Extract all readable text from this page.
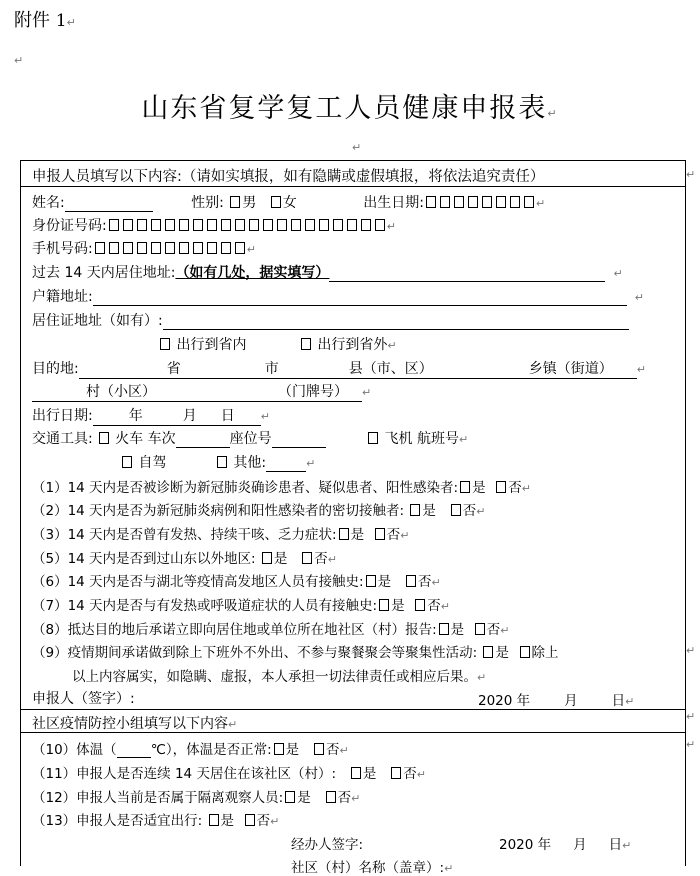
附件 1↵
↵
山东省复学复工人员健康申报表↵
↵
申报人员填写以下内容:（请如实填报，如有隐瞒或虚假填报，将依法追究责任）	↵
姓名:	性别: 男 女	出生日期:	↵
身份证号码:	↵
手机号码:	↵
过去 14 天内居住地址:（如有几处，据实填写）	↵
户籍地址:	↵
居住证地址（如有）:
出行到省内	出行到省外↵
目的地:	省	市	县（市、区）	乡镇（街道） ↵
村（小区）	（门牌号） ↵
出行日期:	年	月 日 ↵
交通工具: 火车 车次	座位号	飞机 航班号↵
自驾	其他:	↵
（1）14 天内是否被诊断为新冠肺炎确诊患者、疑似患者、阳性感染者: 是 否↵
（2）14 天内是否为新冠肺炎病例和阳性感染者的密切接触者: 是 否↵
（3）14 天内是否曾有发热、持续干咳、乏力症状: 是 否↵
（5）14 天内是否到过山东以外地区: 是 否↵
（6）14 天内是否与湖北等疫情高发地区人员有接触史: 是 否↵
（7）14 天内是否与有发热或呼吸道症状的人员有接触史: 是 否↵
（8）抵达目的地后承诺立即向居住地或单位所在地社区（村）报告: 是 否↵
（9）疫情期间承诺做到除上下班外不外出、不参与聚餐聚会等聚集性活动: 是 除上	↵
以上内容属实，如隐瞒、虚报，本人承担一切法律责任或相应后果。↵
申报人（签字）:	2020 年	月	日↵
社区疫情防控小组填写以下内容↵
↵
↵
（10）体温（	℃），体温是否正常: 是 否↵
（11）申报人是否连续 14 天居住在该社区（村）: 是 否↵
（12）申报人当前是否属于隔离观察人员: 是 否↵
（13）申报人是否适宜出行: 是 否↵
经办人签字:	2020 年 月 日↵
社区（村）名称（盖章）:↵
